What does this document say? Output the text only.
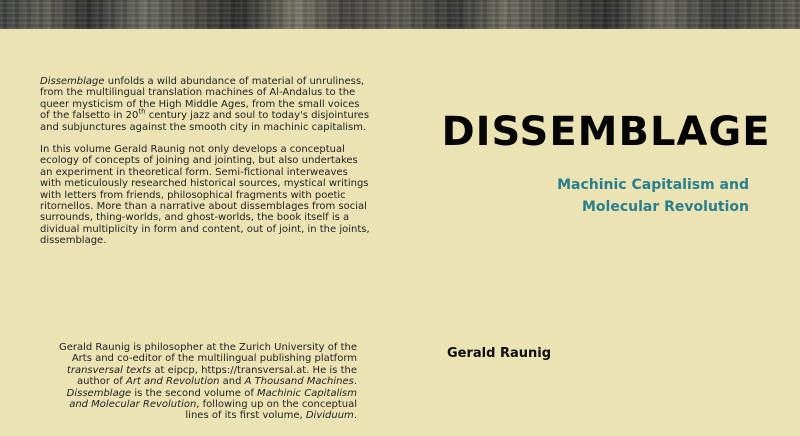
Dissemblage unfolds a wild abundance of material of unruliness, from the multilingual translation machines of Al-Andalus to the queer mysticism of the High Middle Ages, from the small voices of the falsetto in 20th century jazz and soul to today's disjointures and subjunctures against the smooth city in machinic capitalism.

In this volume Gerald Raunig not only develops a conceptual ecology of concepts of joining and jointing, but also undertakes an experiment in theoretical form. Semi-fictional interweaves with meticulously researched historical sources, mystical writings with letters from friends, philosophical fragments with poetic ritornellos. More than a narrative about dissemblages from social surrounds, thing-worlds, and ghost-worlds, the book itself is a dividual multiplicity in form and content, out of joint, in the joints, dissemblage.

Gerald Raunig is philosopher at the Zurich University of the Arts and co-editor of the multilingual publishing platform transversal texts at eipcp, https://transversal.at. He is the author of Art and Revolution and A Thousand Machines. Dissemblage is the second volume of Machinic Capitalism and Molecular Revolution, following up on the conceptual lines of its first volume, Dividuum.
DISSEMBLAGE
Machinic Capitalism and
Molecular Revolution

Gerald Raunig
